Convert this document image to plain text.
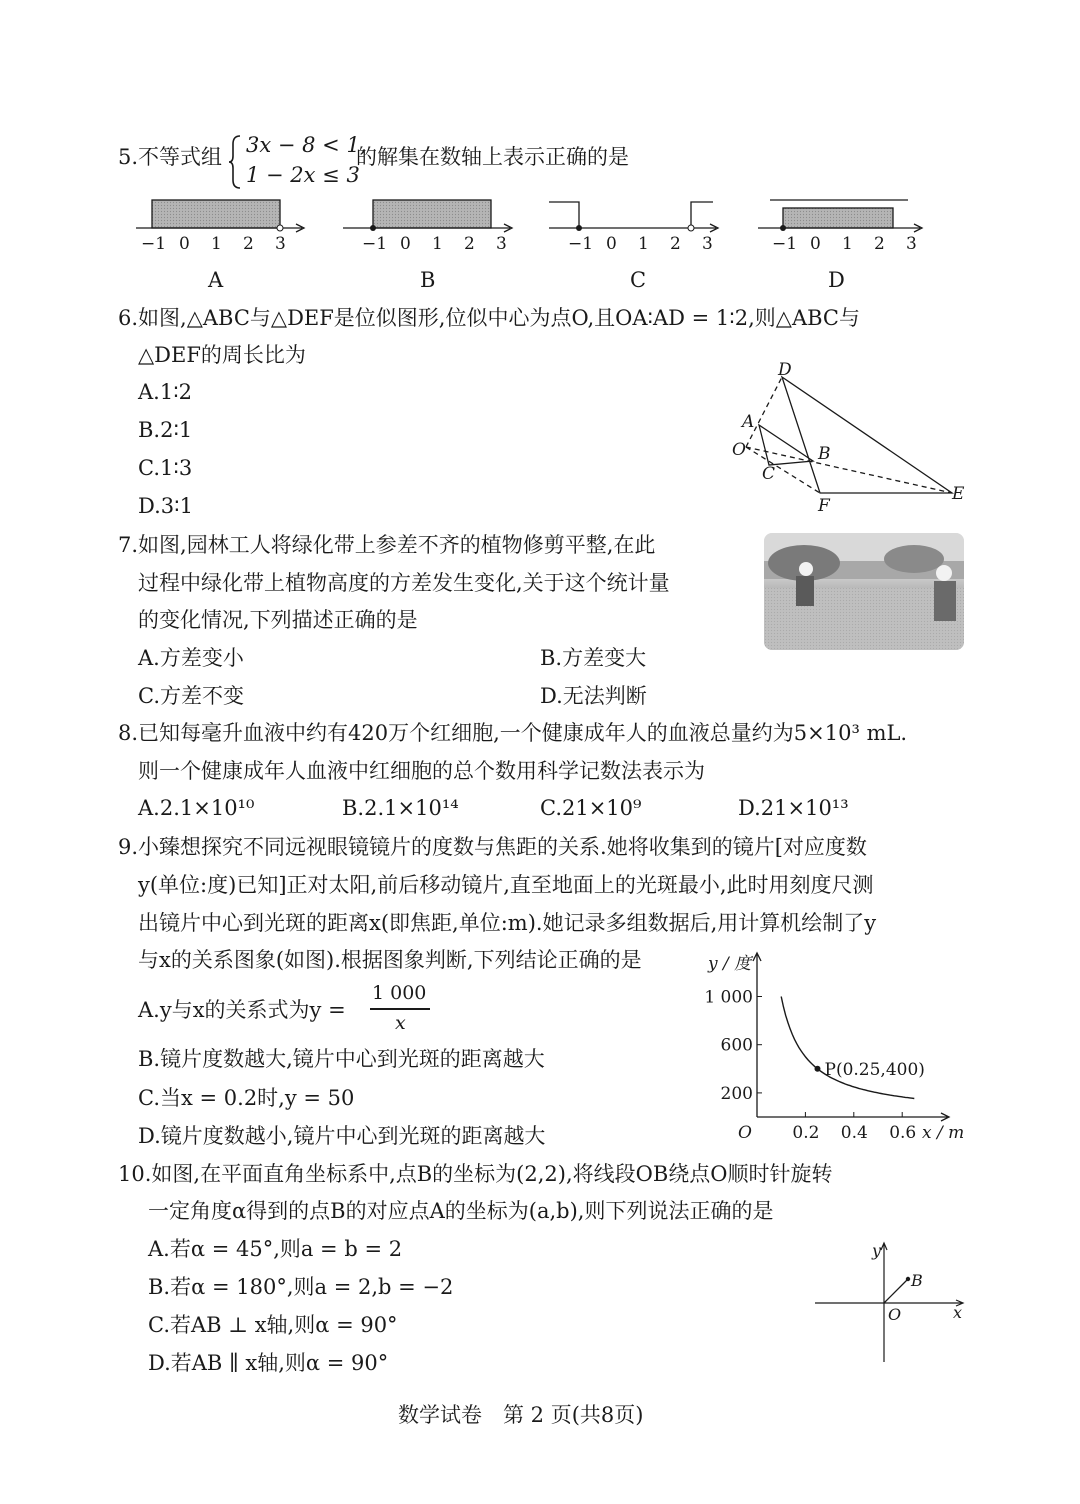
5.不等式组 3x − 8 < 1,
1 − 2x ≤ 3
的解集在数轴上表示正确的是
−1 0 1 2 3	−1 0 1 2 3	−1 0 1 2 3	−1 0 1 2 3
A	B	C	D
6.如图,△ABC与△DEF是位似图形,位似中心为点O,且OA∶AD = 1∶2,则△ABC与
△DEF的周长比为
A.1∶2
B.2∶1
C.1∶3
D.3∶1
D
A
O	B
C
F
E
7.如图,园林工人将绿化带上参差不齐的植物修剪平整,在此
过程中绿化带上植物高度的方差发生变化,关于这个统计量
的变化情况,下列描述正确的是
A.方差变小	B.方差变大
C.方差不变	D.无法判断
8.已知每毫升血液中约有420万个红细胞,一个健康成年人的血液总量约为5×10³ mL.
则一个健康成年人血液中红细胞的总个数用科学记数法表示为
A.2.1×10¹⁰	B.2.1×10¹⁴	C.21×10⁹	D.21×10¹³
9.小臻想探究不同远视眼镜镜片的度数与焦距的关系.她将收集到的镜片[对应度数
y(单位:度)已知]正对太阳,前后移动镜片,直至地面上的光斑最小,此时用刻度尺测
出镜片中心到光斑的距离x(即焦距,单位:m).她记录多组数据后,用计算机绘制了y
与x的关系图象(如图).根据图象判断,下列结论正确的是
A.y与x的关系式为y =
1 000
x
B.镜片度数越大,镜片中心到光斑的距离越大
C.当x = 0.2时,y = 50
D.镜片度数越小,镜片中心到光斑的距离越大	0.2 0.4 0.6
200
600
1 000
P(0.25,400)
y / 度
x / m
O
10.如图,在平面直角坐标系中,点B的坐标为(2,2),将线段OB绕点O顺时针旋转
一定角度α得到的点B的对应点A的坐标为(a,b),则下列说法正确的是
A.若α = 45°,则a = b = 2
B.若α = 180°,则a = 2,b = −2
C.若AB ⊥ x轴,则α = 90°
D.若AB ∥ x轴,则α = 90°
y
x
O
B
数学试卷　第 2 页(共8页)
